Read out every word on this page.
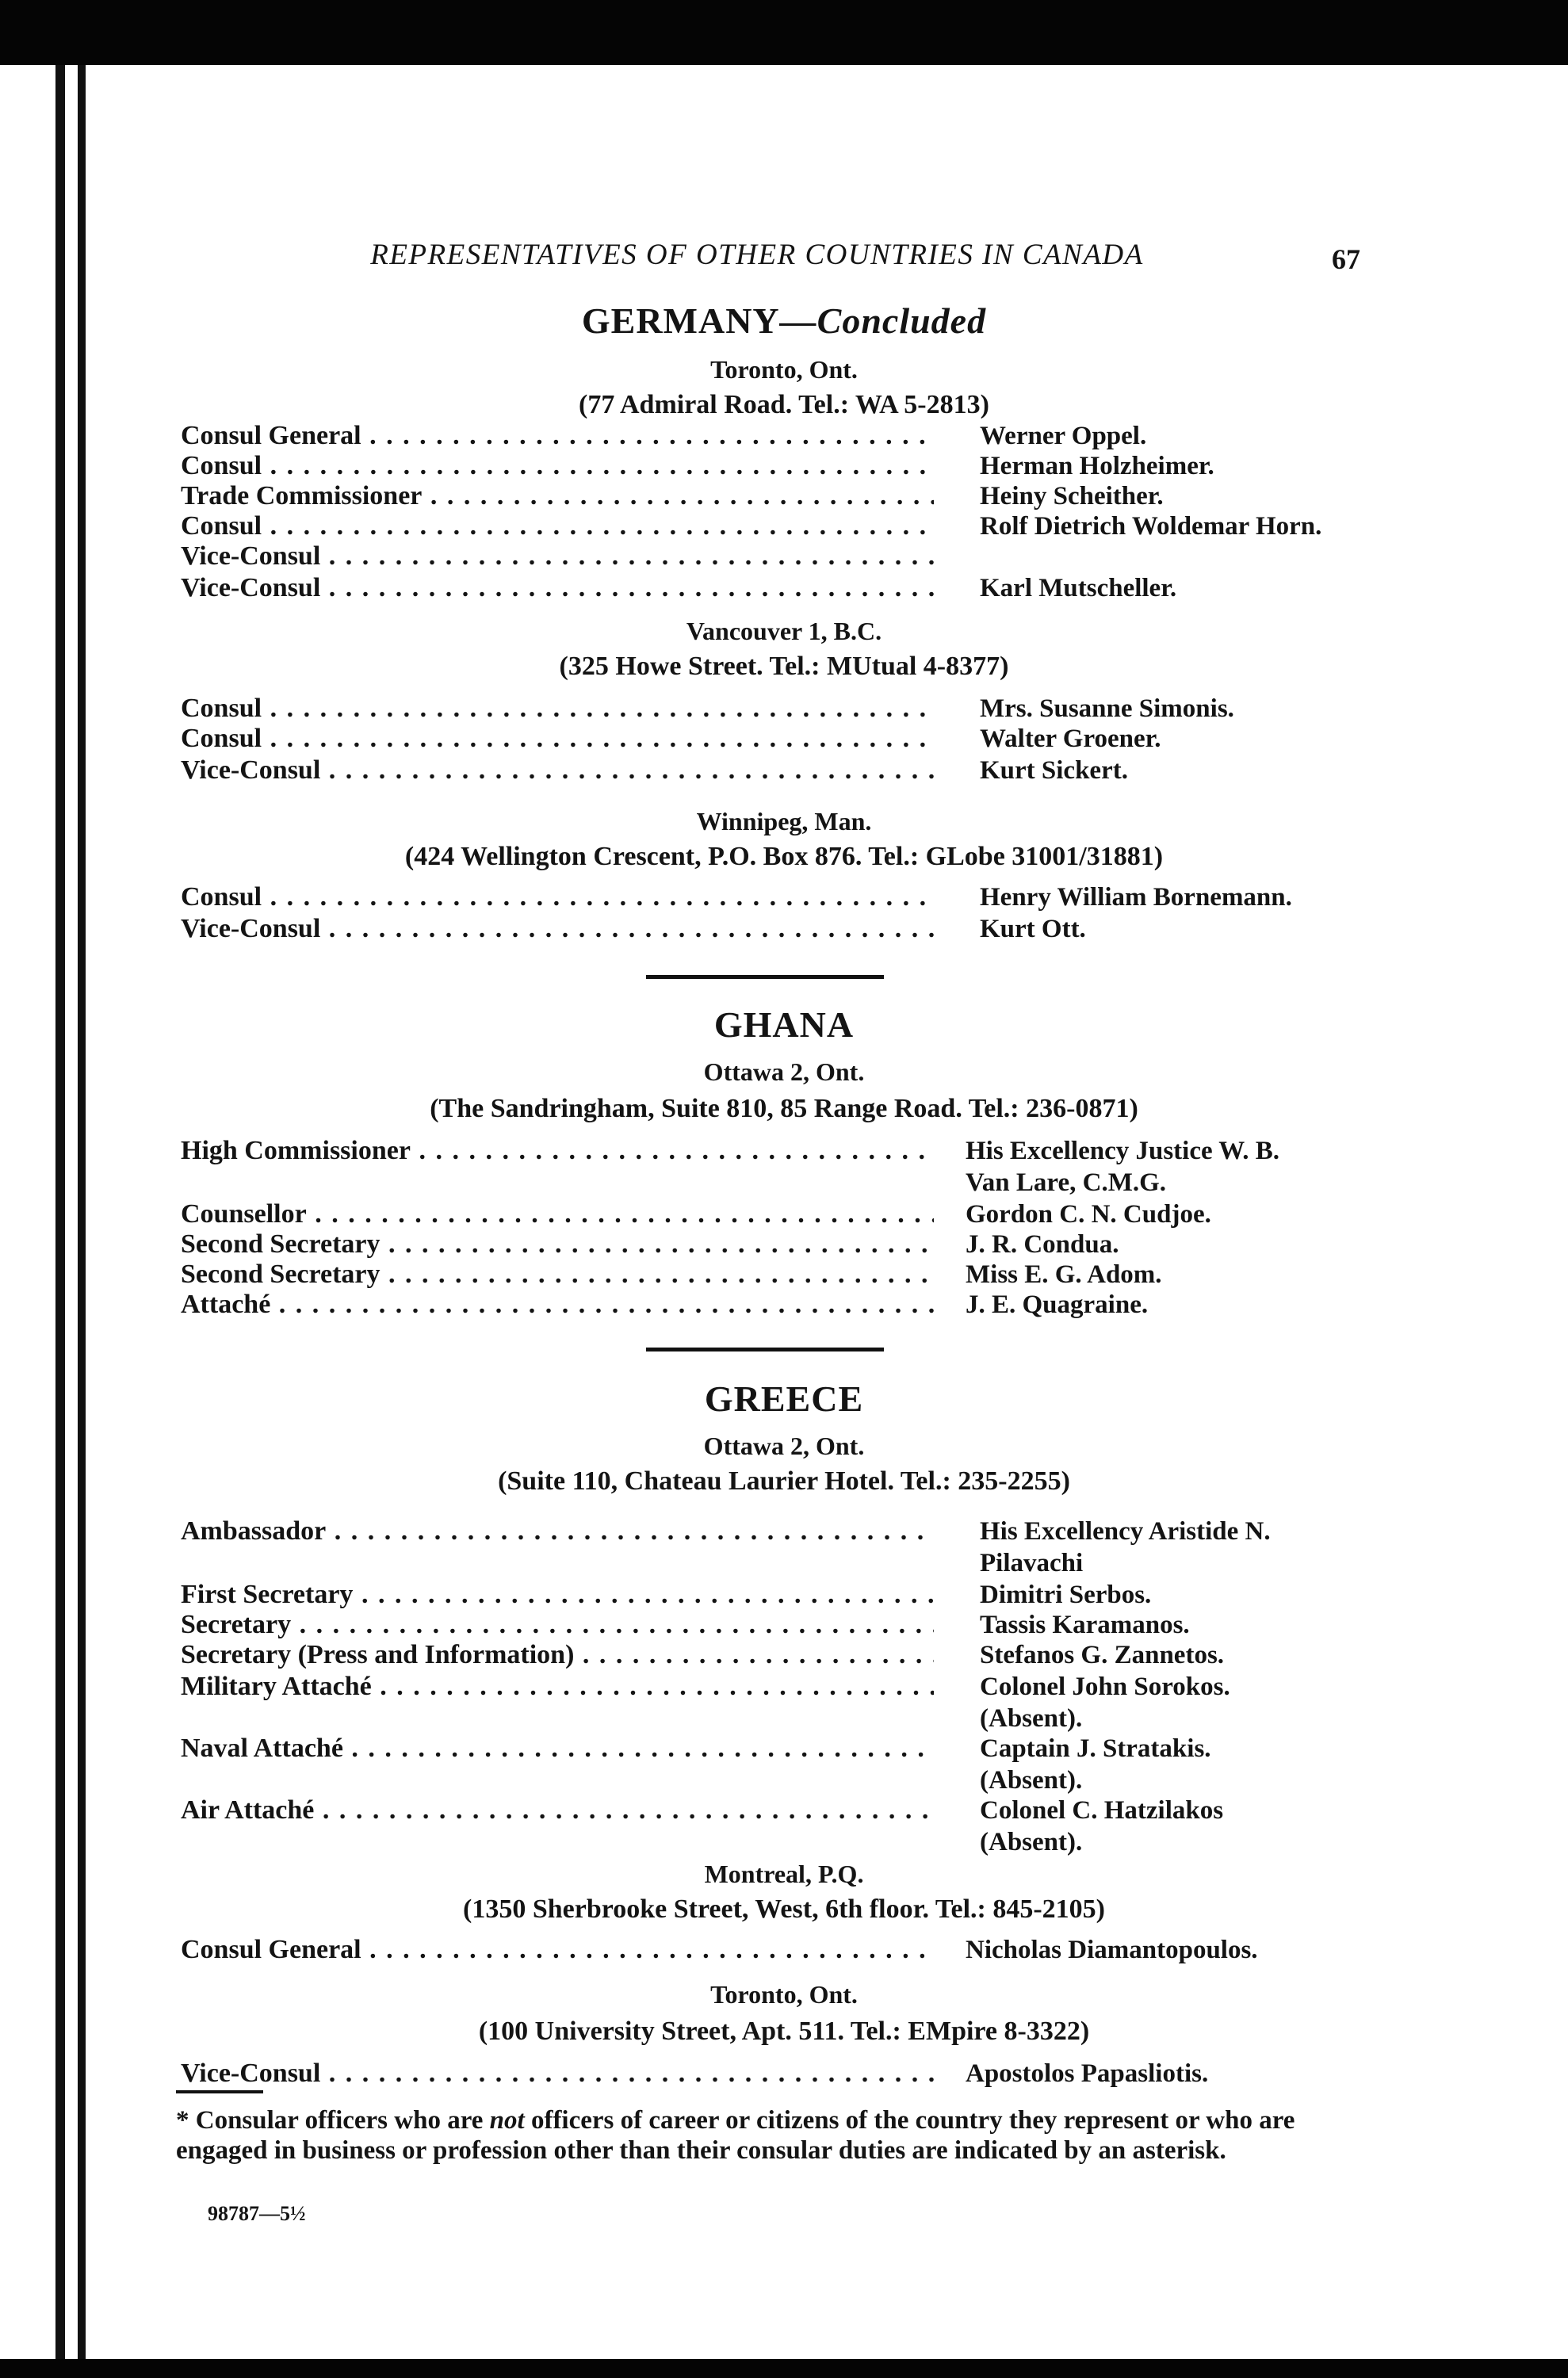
REPRESENTATIVES OF OTHER COUNTRIES IN CANADA	67
GERMANY—Concluded
Toronto, Ont.
(77 Admiral Road. Tel.: WA 5-2813)
Consul General . . .	Werner Oppel.
Consul . . .	Herman Holzheimer.
Trade Commissioner . . .	Heiny Scheither.
Consul . . .	Rolf Dietrich Woldemar Horn.
Vice-Consul . . .
Vice-Consul . . .	Karl Mutscheller.
Vancouver 1, B.C.
(325 Howe Street. Tel.: MUtual 4-8377)
Consul . . .	Mrs. Susanne Simonis.
Consul . . .	Walter Groener.
Vice-Consul . . .	Kurt Sickert.
Winnipeg, Man.
(424 Wellington Crescent, P.O. Box 876. Tel.: GLobe 31001/31881)
Consul . . .	Henry William Bornemann.
Vice-Consul . . .	Kurt Ott.
GHANA
Ottawa 2, Ont.
(The Sandringham, Suite 810, 85 Range Road. Tel.: 236-0871)
High Commissioner . . .	His Excellency Justice W. B.
Van Lare, C.M.G.
Counsellor . . .	Gordon C. N. Cudjoe.
Second Secretary . . .	J. R. Condua.
Second Secretary . . .	Miss E. G. Adom.
Attaché . . .	J. E. Quagraine.
GREECE
Ottawa 2, Ont.
(Suite 110, Chateau Laurier Hotel. Tel.: 235-2255)
Ambassador . . .	His Excellency Aristide N.
Pilavachi
First Secretary . . .	Dimitri Serbos.
Secretary . . .	Tassis Karamanos.
Secretary (Press and Information) . . .	Stefanos G. Zannetos.
Military Attaché . . .	Colonel John Sorokos.
(Absent).
Naval Attaché . . .	Captain J. Stratakis.
(Absent).
Air Attaché . . .	Colonel C. Hatzilakos
(Absent).
Montreal, P.Q.
(1350 Sherbrooke Street, West, 6th floor. Tel.: 845-2105)
Consul General . . .	Nicholas Diamantopoulos.
Toronto, Ont.
(100 University Street, Apt. 511. Tel.: EMpire 8-3322)
Vice-Consul . . .	Apostolos Papasliotis.
* Consular officers who are not officers of career or citizens of the country they represent or who are engaged in business or profession other than their consular duties are indicated by an asterisk.
98787—5½
